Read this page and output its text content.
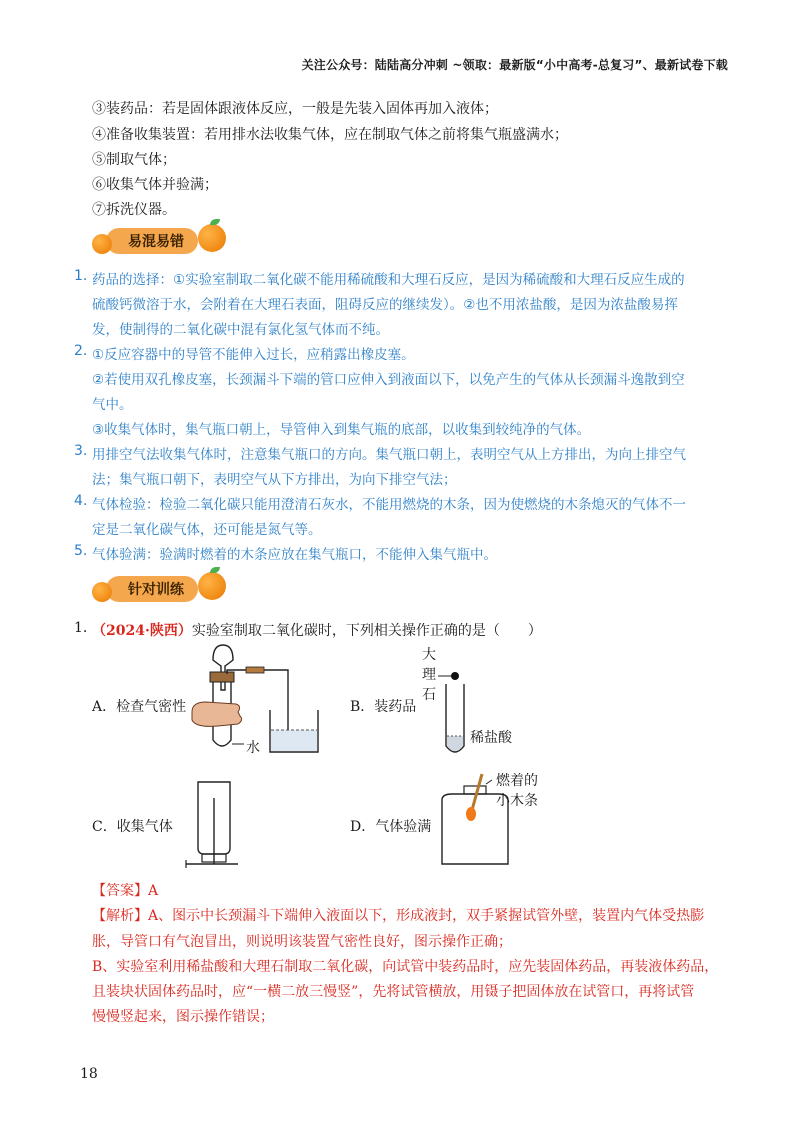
关注公众号：陆陆高分冲刺 ~领取：最新版“小中高考-总复习”、最新试卷下载
③装药品：若是固体跟液体反应，一般是先装入固体再加入液体；
④准备收集装置：若用排水法收集气体，应在制取气体之前将集气瓶盛满水；
⑤制取气体；
⑥收集气体并验满；
⑦拆洗仪器。
易混易错
1. 药品的选择：①实验室制取二氧化碳不能用稀硫酸和大理石反应，是因为稀硫酸和大理石反应生成的
硫酸钙微溶于水，会附着在大理石表面，阻碍反应的继续发）。②也不用浓盐酸，是因为浓盐酸易挥
发，使制得的二氧化碳中混有氯化氢气体而不纯。
2. ①反应容器中的导管不能伸入过长，应稍露出橡皮塞。
②若使用双孔橡皮塞，长颈漏斗下端的管口应伸入到液面以下，以免产生的气体从长颈漏斗逸散到空
气中。
③收集气体时，集气瓶口朝上，导管伸入到集气瓶的底部，以收集到较纯净的气体。
3. 用排空气法收集气体时，注意集气瓶口的方向。集气瓶口朝上，表明空气从上方排出，为向上排空气
法；集气瓶口朝下，表明空气从下方排出，为向下排空气法；
4. 气体检验：检验二氧化碳只能用澄清石灰水，不能用燃烧的木条，因为使燃烧的木条熄灭的气体不一
定是二氧化碳气体，还可能是氮气等。
5. 气体验满：验满时燃着的木条应放在集气瓶口，不能伸入集气瓶中。
针对训练
1. （2024·陕西）实验室制取二氧化碳时，下列相关操作正确的是（　　）
A．检查气密性	B．装药品
C．收集气体	D．气体验满
水
大
理
石
稀盐酸
燃着的
小木条
【答案】A
【解析】A、图示中长颈漏斗下端伸入液面以下，形成液封，双手紧握试管外壁，装置内气体受热膨
胀，导管口有气泡冒出，则说明该装置气密性良好，图示操作正确；
B、实验室利用稀盐酸和大理石制取二氧化碳，向试管中装药品时，应先装固体药品，再装液体药品，
且装块状固体药品时，应“一横二放三慢竖”，先将试管横放，用镊子把固体放在试管口，再将试管
慢慢竖起来，图示操作错误；
18
